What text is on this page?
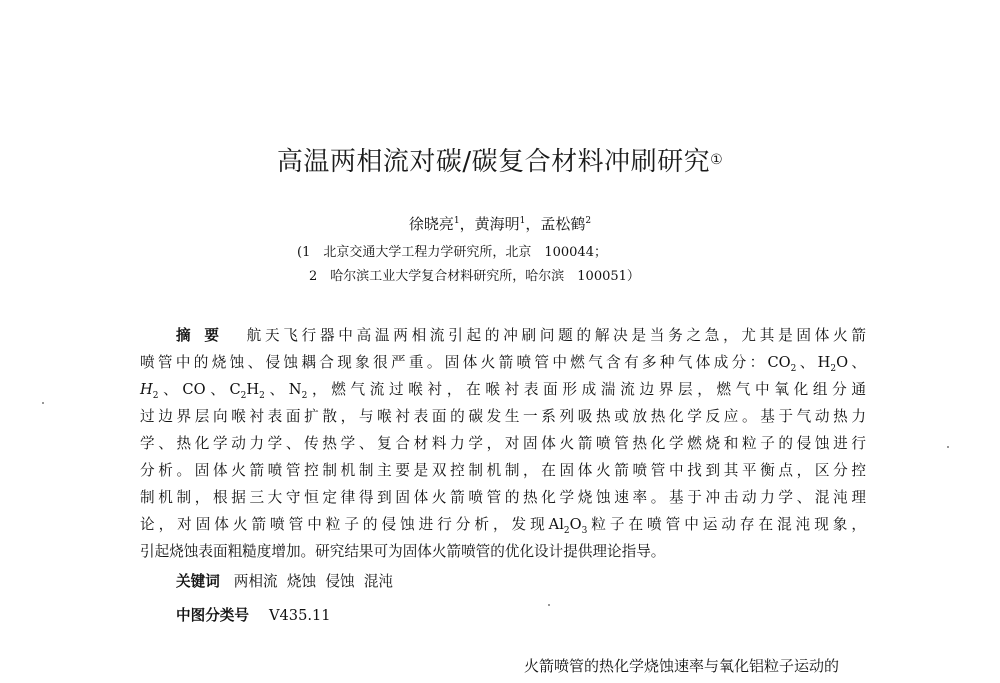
高温两相流对碳/碳复合材料冲刷研究①
徐晓亮$^1$，黄海明$^1$，孟松鹤$^2$
(1　北京交通大学工程力学研究所，北京　100044；
2　哈尔滨工业大学复合材料研究所，哈尔滨　100051）
摘要 航天飞行器中高温两相流引起的冲刷问题的解决是当务之急，尤其是固体火箭
喷管中的烧蚀、侵蚀耦合现象很严重。固体火箭喷管中燃气含有多种气体成分：$CO_2$、$H_2O$、
$H_2$、CO、$C_2H_2$、$N_2$，燃气流过喉衬，在喉衬表面形成湍流边界层，燃气中氧化组分通
过边界层向喉衬表面扩散，与喉衬表面的碳发生一系列吸热或放热化学反应。基于气动热力
学、热化学动力学、传热学、复合材料力学，对固体火箭喷管热化学燃烧和粒子的侵蚀进行
分析。固体火箭喷管控制机制主要是双控制机制，在固体火箭喷管中找到其平衡点，区分控
制机制，根据三大守恒定律得到固体火箭喷管的热化学烧蚀速率。基于冲击动力学、混沌理
论，对固体火箭喷管中粒子的侵蚀进行分析，发现$Al_2O_3$粒子在喷管中运动存在混沌现象，
引起烧蚀表面粗糙度增加。研究结果可为固体火箭喷管的优化设计提供理论指导。
关键词 两相流 烧蚀 侵蚀 混沌
中图分类号 V435.11
火箭喷管的热化学烧蚀速率与氧化铝粒子运动的
